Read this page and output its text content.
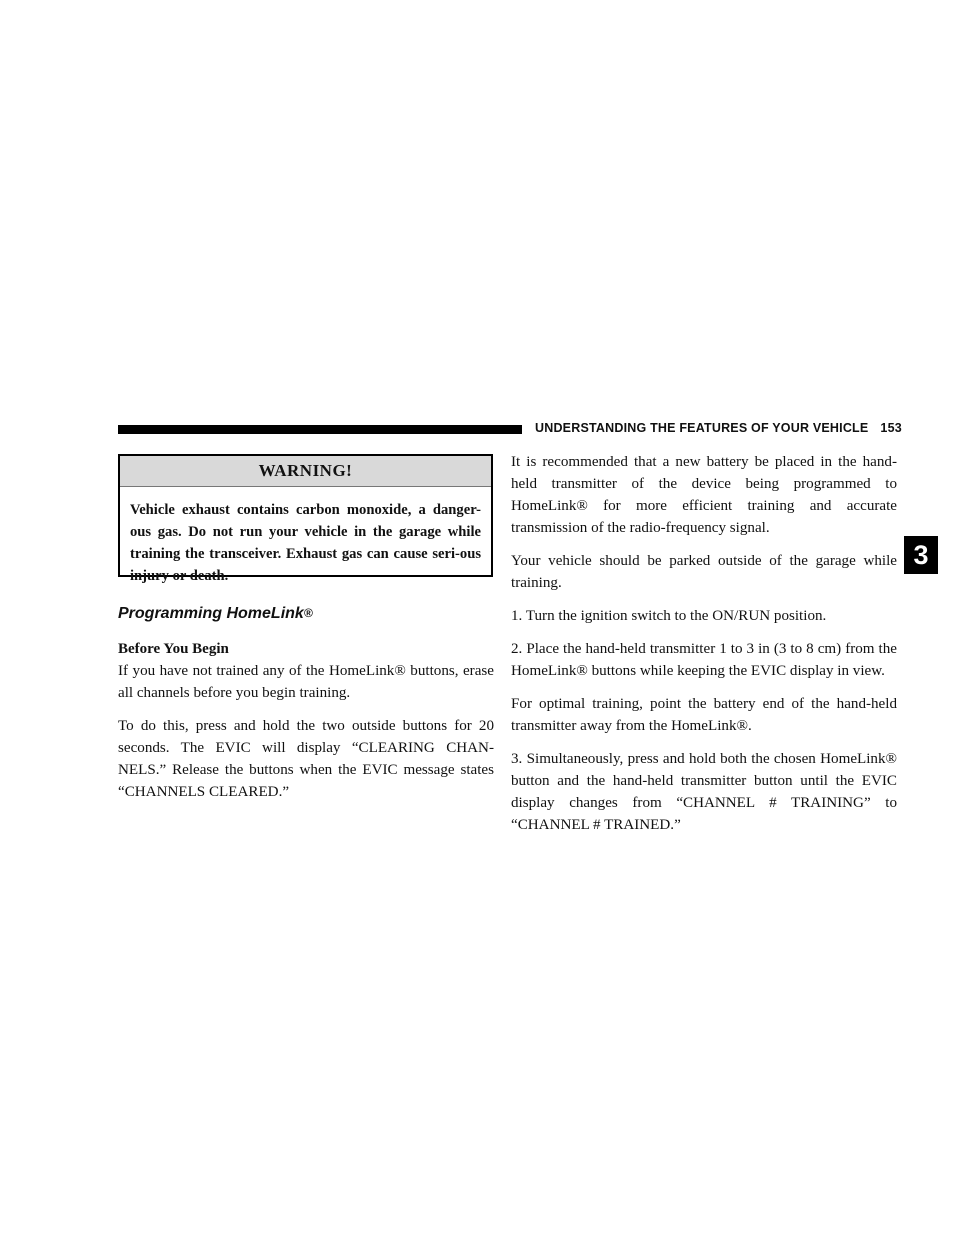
UNDERSTANDING THE FEATURES OF YOUR VEHICLE 153
3
WARNING!
Vehicle exhaust contains carbon monoxide, a danger-ous gas. Do not run your vehicle in the garage while training the transceiver. Exhaust gas can cause seri-ous injury or death.
Programming HomeLink®
Before You Begin

If you have not trained any of the HomeLink® buttons, erase all channels before you begin training.

To do this, press and hold the two outside buttons for 20 seconds. The EVIC will display “CLEARING CHAN-NELS.” Release the buttons when the EVIC message states “CHANNELS CLEARED.”

It is recommended that a new battery be placed in the hand-held transmitter of the device being programmed to HomeLink® for more efficient training and accurate transmission of the radio-frequency signal.

Your vehicle should be parked outside of the garage while training.

1. Turn the ignition switch to the ON/RUN position.

2. Place the hand-held transmitter 1 to 3 in (3 to 8 cm) from the HomeLink® buttons while keeping the EVIC display in view.

For optimal training, point the battery end of the hand-held transmitter away from the HomeLink®.

3. Simultaneously, press and hold both the chosen HomeLink® button and the hand-held transmitter button until the EVIC display changes from “CHANNEL # TRAINING” to “CHANNEL # TRAINED.”
